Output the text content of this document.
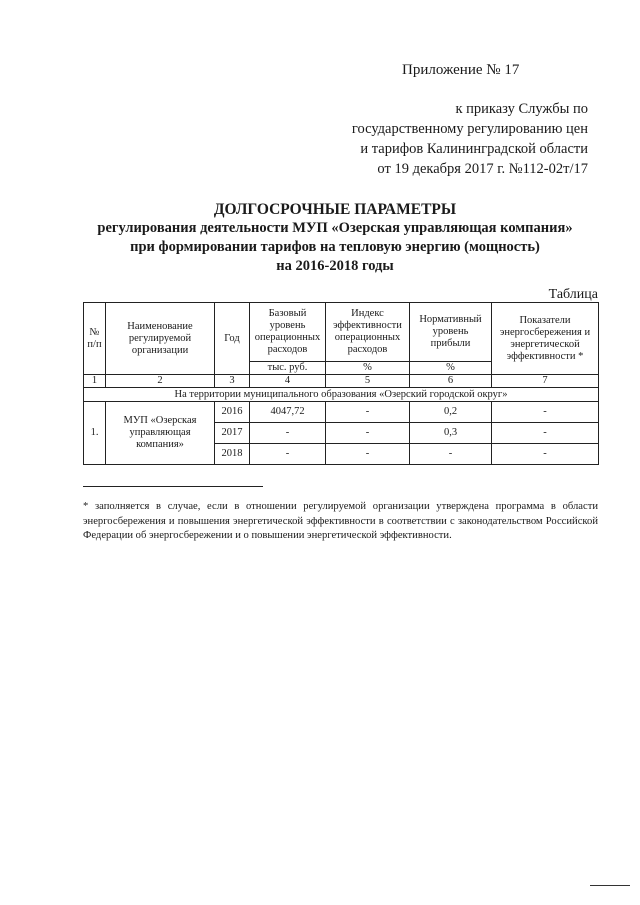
Приложение № 17
к приказу Службы по
государственному регулированию цен
и тарифов Калининградской области
от 19 декабря 2017 г. №112-02т/17
ДОЛГОСРОЧНЫЕ ПАРАМЕТРЫ
регулирования деятельности МУП «Озерская управляющая компания»
при формировании тарифов на тепловую энергию (мощность)
на 2016-2018 годы
Таблица
№ п/п	Наименование регулируемой организации	Год	Базовый уровень операционных расходов	Индекс эффективности операционных расходов	Нормативный уровень прибыли	Показатели энергосбережения и энергетической эффективности *
			тыс. руб.	%	%	
1	2	3	4	5	6	7
На территории муниципального образования «Озерский городской округ»						
1.	МУП «Озерская управляющая компания»	2016	4047,72	-	0,2	-
		2017	-	-	0,3	-
		2018	-	-	-	-
* заполняется в случае, если в отношении регулируемой организации утверждена программа в области энергосбережения и повышения энергетической эффективности в соответствии с законодательством Российской Федерации об энергосбережении и о повышении энергетической эффективности.
